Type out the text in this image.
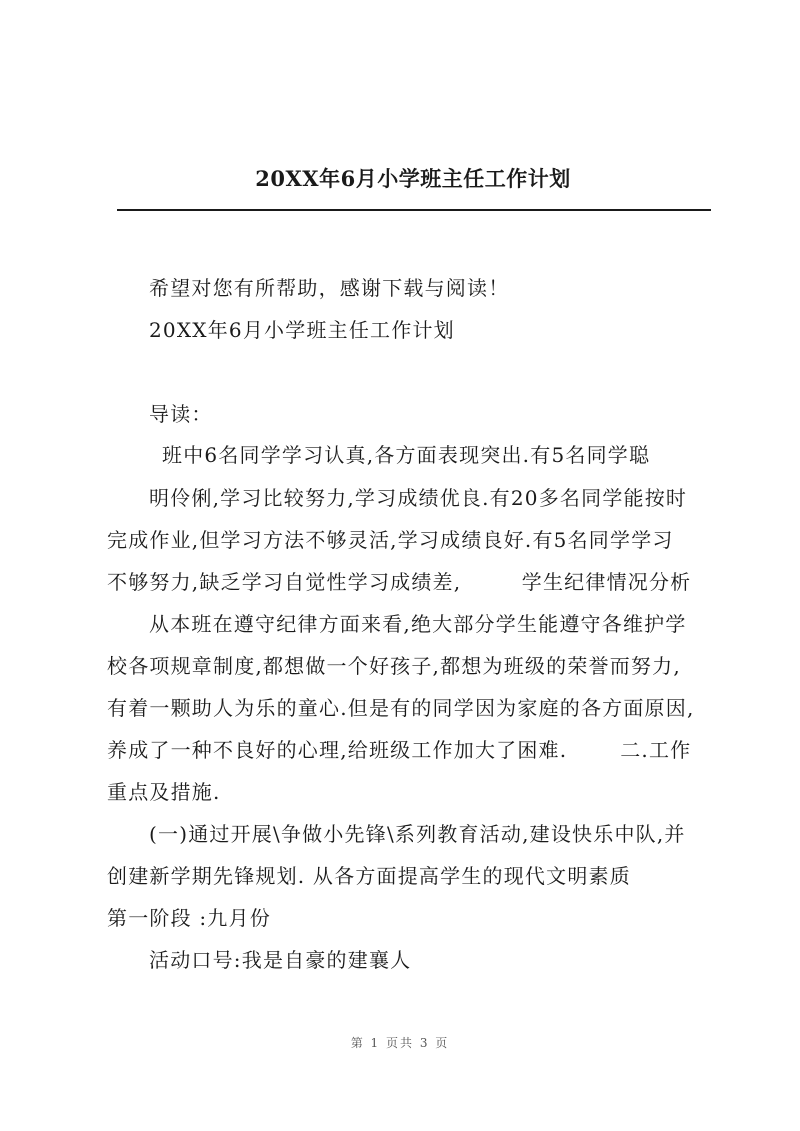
20XX年6月小学班主任工作计划
希望对您有所帮助，感谢下载与阅读！
20XX年6月小学班主任工作计划
导读：
班中6名同学学习认真,各方面表现突出.有5名同学聪
明伶俐,学习比较努力,学习成绩优良.有20多名同学能按时
完成作业,但学习方法不够灵活,学习成绩良好.有5名同学学习
不够努力,缺乏学习自觉性学习成绩差,        学生纪律情况分析
从本班在遵守纪律方面来看,绝大部分学生能遵守各维护学
校各项规章制度,都想做一个好孩子,都想为班级的荣誉而努力,
有着一颗助人为乐的童心.但是有的同学因为家庭的各方面原因,
养成了一种不良好的心理,给班级工作加大了困难.       二.工作
重点及措施.
(一)通过开展\争做小先锋\系列教育活动,建设快乐中队,并
创建新学期先锋规划. 从各方面提高学生的现代文明素质
第一阶段 :九月份
活动口号:我是自豪的建襄人
第 1 页共 3 页
